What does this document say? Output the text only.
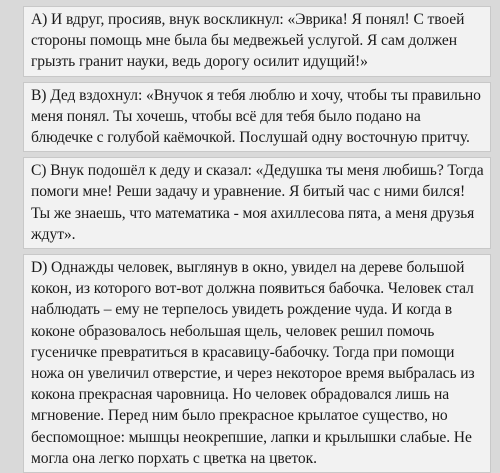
A) И вдруг, просияв, внук воскликнул: «Эврика! Я понял! С твоей стороны помощь мне была бы медвежьей услугой. Я сам должен грызть гранит науки, ведь дорогу осилит идущий!»
B) Дед вздохнул: «Внучок я тебя люблю и хочу, чтобы ты правильно меня понял. Ты хочешь, чтобы всё для тебя было подано на блюдечке с голубой каёмочкой. Послушай одну восточную притчу.
C) Внук подошёл к деду и сказал: «Дедушка ты меня любишь? Тогда помоги мне! Реши задачу и уравнение. Я битый час с ними бился! Ты же знаешь, что математика - моя ахиллесова пята, а меня друзья ждут».
D) Однажды человек, выглянув в окно, увидел на дереве большой кокон, из которого вот-вот должна появиться бабочка. Человек стал наблюдать – ему не терпелось увидеть рождение чуда. И когда в коконе образовалось небольшая щель, человек решил помочь гусеничке превратиться в красавицу-бабочку. Тогда при помощи ножа он увеличил отверстие, и через некоторое время выбралась из кокона прекрасная чаровница. Но человек обрадовался лишь на мгновение. Перед ним было прекрасное крылатое существо, но беспомощное: мышцы неокрепшие, лапки и крылышки слабые. Не могла она легко порхать с цветка на цветок.
